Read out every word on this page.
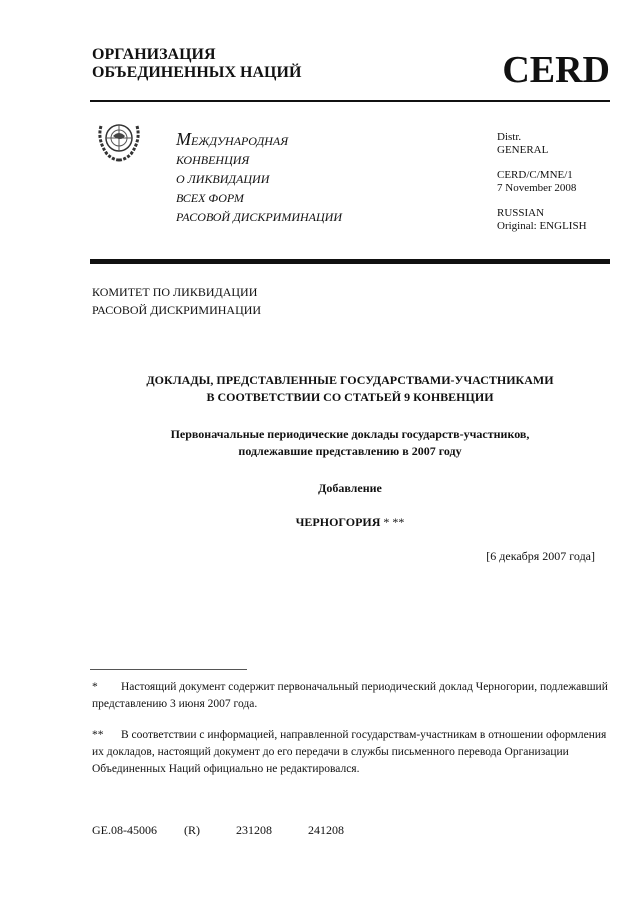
ОРГАНИЗАЦИЯ
ОБЪЕДИНЕННЫХ НАЦИЙ	CERD
МЕЖДУНАРОДНАЯ
КОНВЕНЦИЯ
О ЛИКВИДАЦИИ
ВСЕХ ФОРМ
РАСОВОЙ ДИСКРИМИНАЦИИ

Distr.
GENERAL

CERD/C/MNE/1
7 November 2008

RUSSIAN
Original: ENGLISH

КОМИТЕТ ПО ЛИКВИДАЦИИ
РАСОВОЙ ДИСКРИМИНАЦИИ
ДОКЛАДЫ, ПРЕДСТАВЛЕННЫЕ ГОСУДАРСТВАМИ-УЧАСТНИКАМИ
В СООТВЕТСТВИИ СО СТАТЬЕЙ 9 КОНВЕНЦИИ
Первоначальные периодические доклады государств-участников,
подлежавшие представлению в 2007 году
Добавление
ЧЕРНОГОРИЯ * **
[6 декабря 2007 года]
* Настоящий документ содержит первоначальный периодический доклад Черногории, подлежавший представлению 3 июня 2007 года.
** В соответствии с информацией, направленной государствам-участникам в отношении оформления их докладов, настоящий документ до его передачи в службы письменного перевода Организации Объединенных Наций официально не редактировался.
GE.08-45006   (R)    231208    241208
